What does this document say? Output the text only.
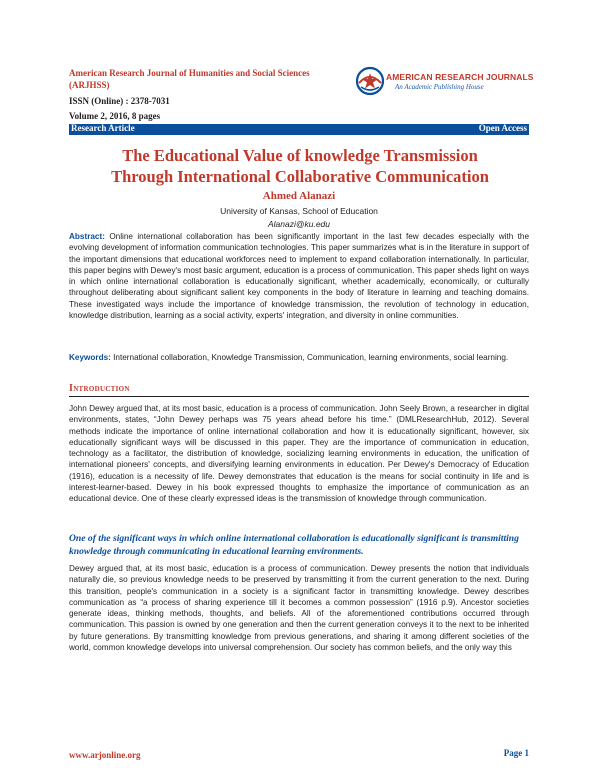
American Research Journal of Humanities and Social Sciences
(ARJHSS)
ISSN (Online) : 2378-7031
Volume 2, 2016, 8 pages
AMERICAN RESEARCH JOURNALS
An Academic Publishing House
Research Article	Open Access
The Educational Value of knowledge Transmission
Through International Collaborative Communication
Ahmed Alanazi
University of Kansas, School of Education
Alanazi@ku.edu
Abstract: Online international collaboration has been significantly important in the last few decades especially with the evolving development of information communication technologies. This paper summarizes what is in the literature in support of the important dimensions that educational workforces need to implement to expand collaboration internationally. In particular, this paper begins with Dewey's most basic argument, education is a process of communication. This paper sheds light on ways in which online international collaboration is educationally significant, whether academically, economically, or culturally throughout deliberating about significant salient key components in the body of literature in learning and teaching domains. These investigated ways include the importance of knowledge transmission, the revolution of technology in education, knowledge distribution, learning as a social activity, experts' integration, and diversity in online communities.
Keywords: International collaboration, Knowledge Transmission, Communication, learning environments, social learning.
Introduction
John Dewey argued that, at its most basic, education is a process of communication. John Seely Brown, a researcher in digital environments, states, “John Dewey perhaps was 75 years ahead before his time.” (DMLResearchHub, 2012). Several methods indicate the importance of online international collaboration and how it is educationally significant, however, six educationally significant ways will be discussed in this paper. They are the importance of communication in education, technology as a facilitator, the distribution of knowledge, socializing learning environments in education, the unification of international pioneers' concepts, and diversifying learning environments in education. Per Dewey's Democracy of Education (1916), education is a necessity of life. Dewey demonstrates that education is the means for social continuity in life and is interest-learner-based. Dewey in his book expressed thoughts to emphasize the importance of communication as an educational device. One of these clearly expressed ideas is the transmission of knowledge through communication.
One of the significant ways in which online international collaboration is educationally significant is transmitting knowledge through communicating in educational learning environments.
Dewey argued that, at its most basic, education is a process of communication. Dewey presents the notion that individuals naturally die, so previous knowledge needs to be preserved by transmitting it from the current generation to the next. During this transition, people's communication in a society is a significant factor in transmitting knowledge. Dewey describes communication as “a process of sharing experience till it becomes a common possession” (1916 p.9). Ancestor societies generate ideas, thinking methods, thoughts, and beliefs. All of the aforementioned contributions occurred through communication. This passion is owned by one generation and then the current generation conveys it to the next to be inherited by future generations. By transmitting knowledge from previous generations, and sharing it among different societies of the world, common knowledge develops into universal comprehension. Our society has common beliefs, and the only way this
www.arjonline.org	Page 1
